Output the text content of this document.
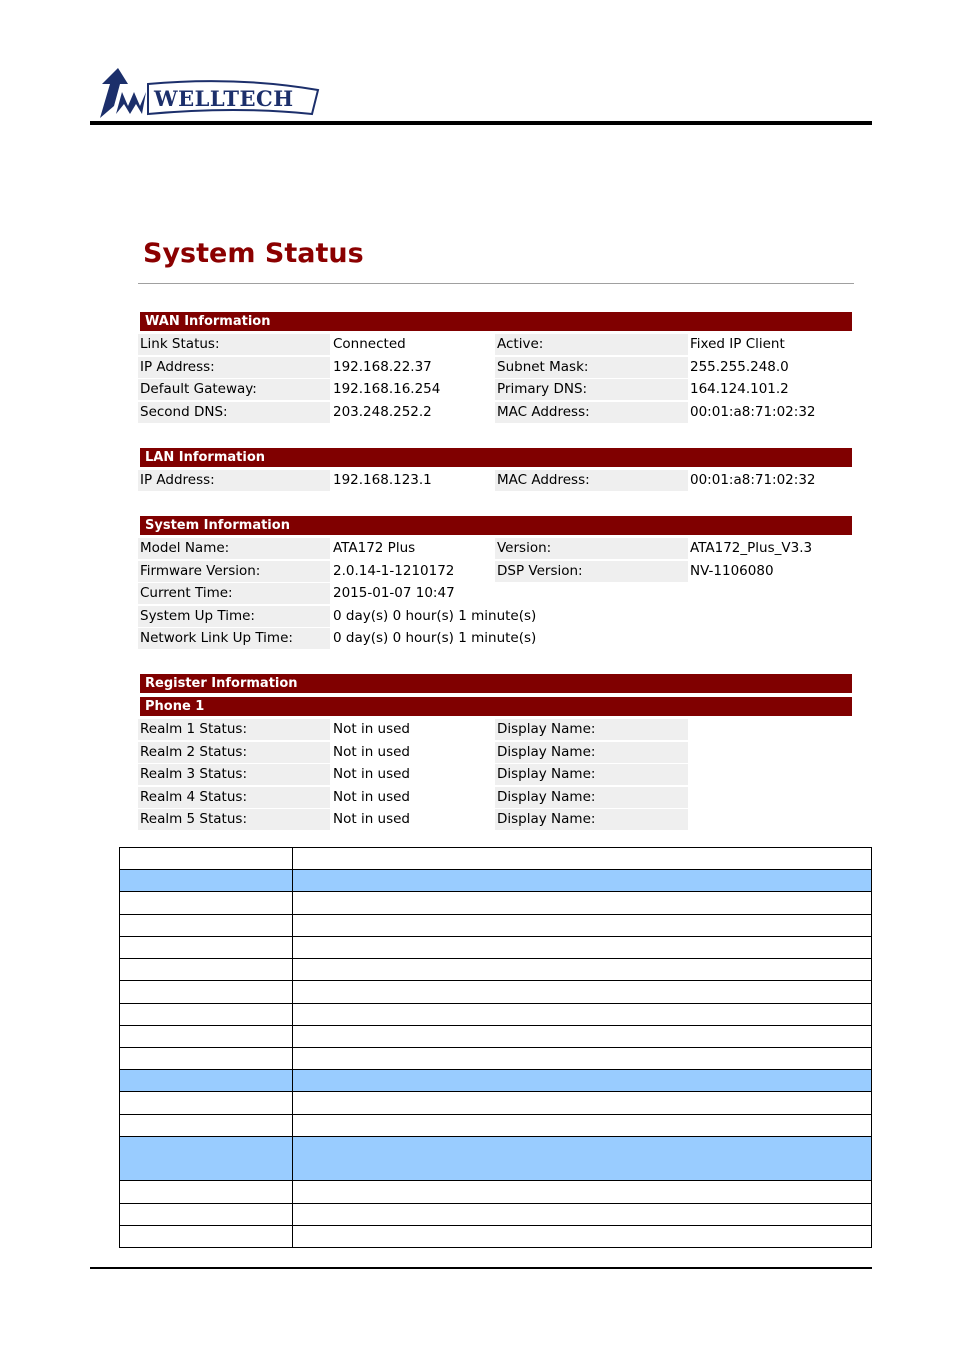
WELLTECH
System Status
WAN Information
Link Status:	Connected	Active:	Fixed IP Client
IP Address:	192.168.22.37	Subnet Mask:	255.255.248.0
Default Gateway:	192.168.16.254	Primary DNS:	164.124.101.2
Second DNS:	203.248.252.2	MAC Address:	00:01:a8:71:02:32
LAN Information
IP Address:	192.168.123.1	MAC Address:	00:01:a8:71:02:32
System Information
Model Name:	ATA172 Plus	Version:	ATA172_Plus_V3.3
Firmware Version:	2.0.14-1-1210172	DSP Version:	NV-1106080
Current Time:	2015-01-07 10:47
System Up Time:	0 day(s) 0 hour(s) 1 minute(s)
Network Link Up Time:	0 day(s) 0 hour(s) 1 minute(s)
Register Information
Phone 1
Realm 1 Status:	Not in used	Display Name:
Realm 2 Status:	Not in used	Display Name:
Realm 3 Status:	Not in used	Display Name:
Realm 4 Status:	Not in used	Display Name:
Realm 5 Status:	Not in used	Display Name:
